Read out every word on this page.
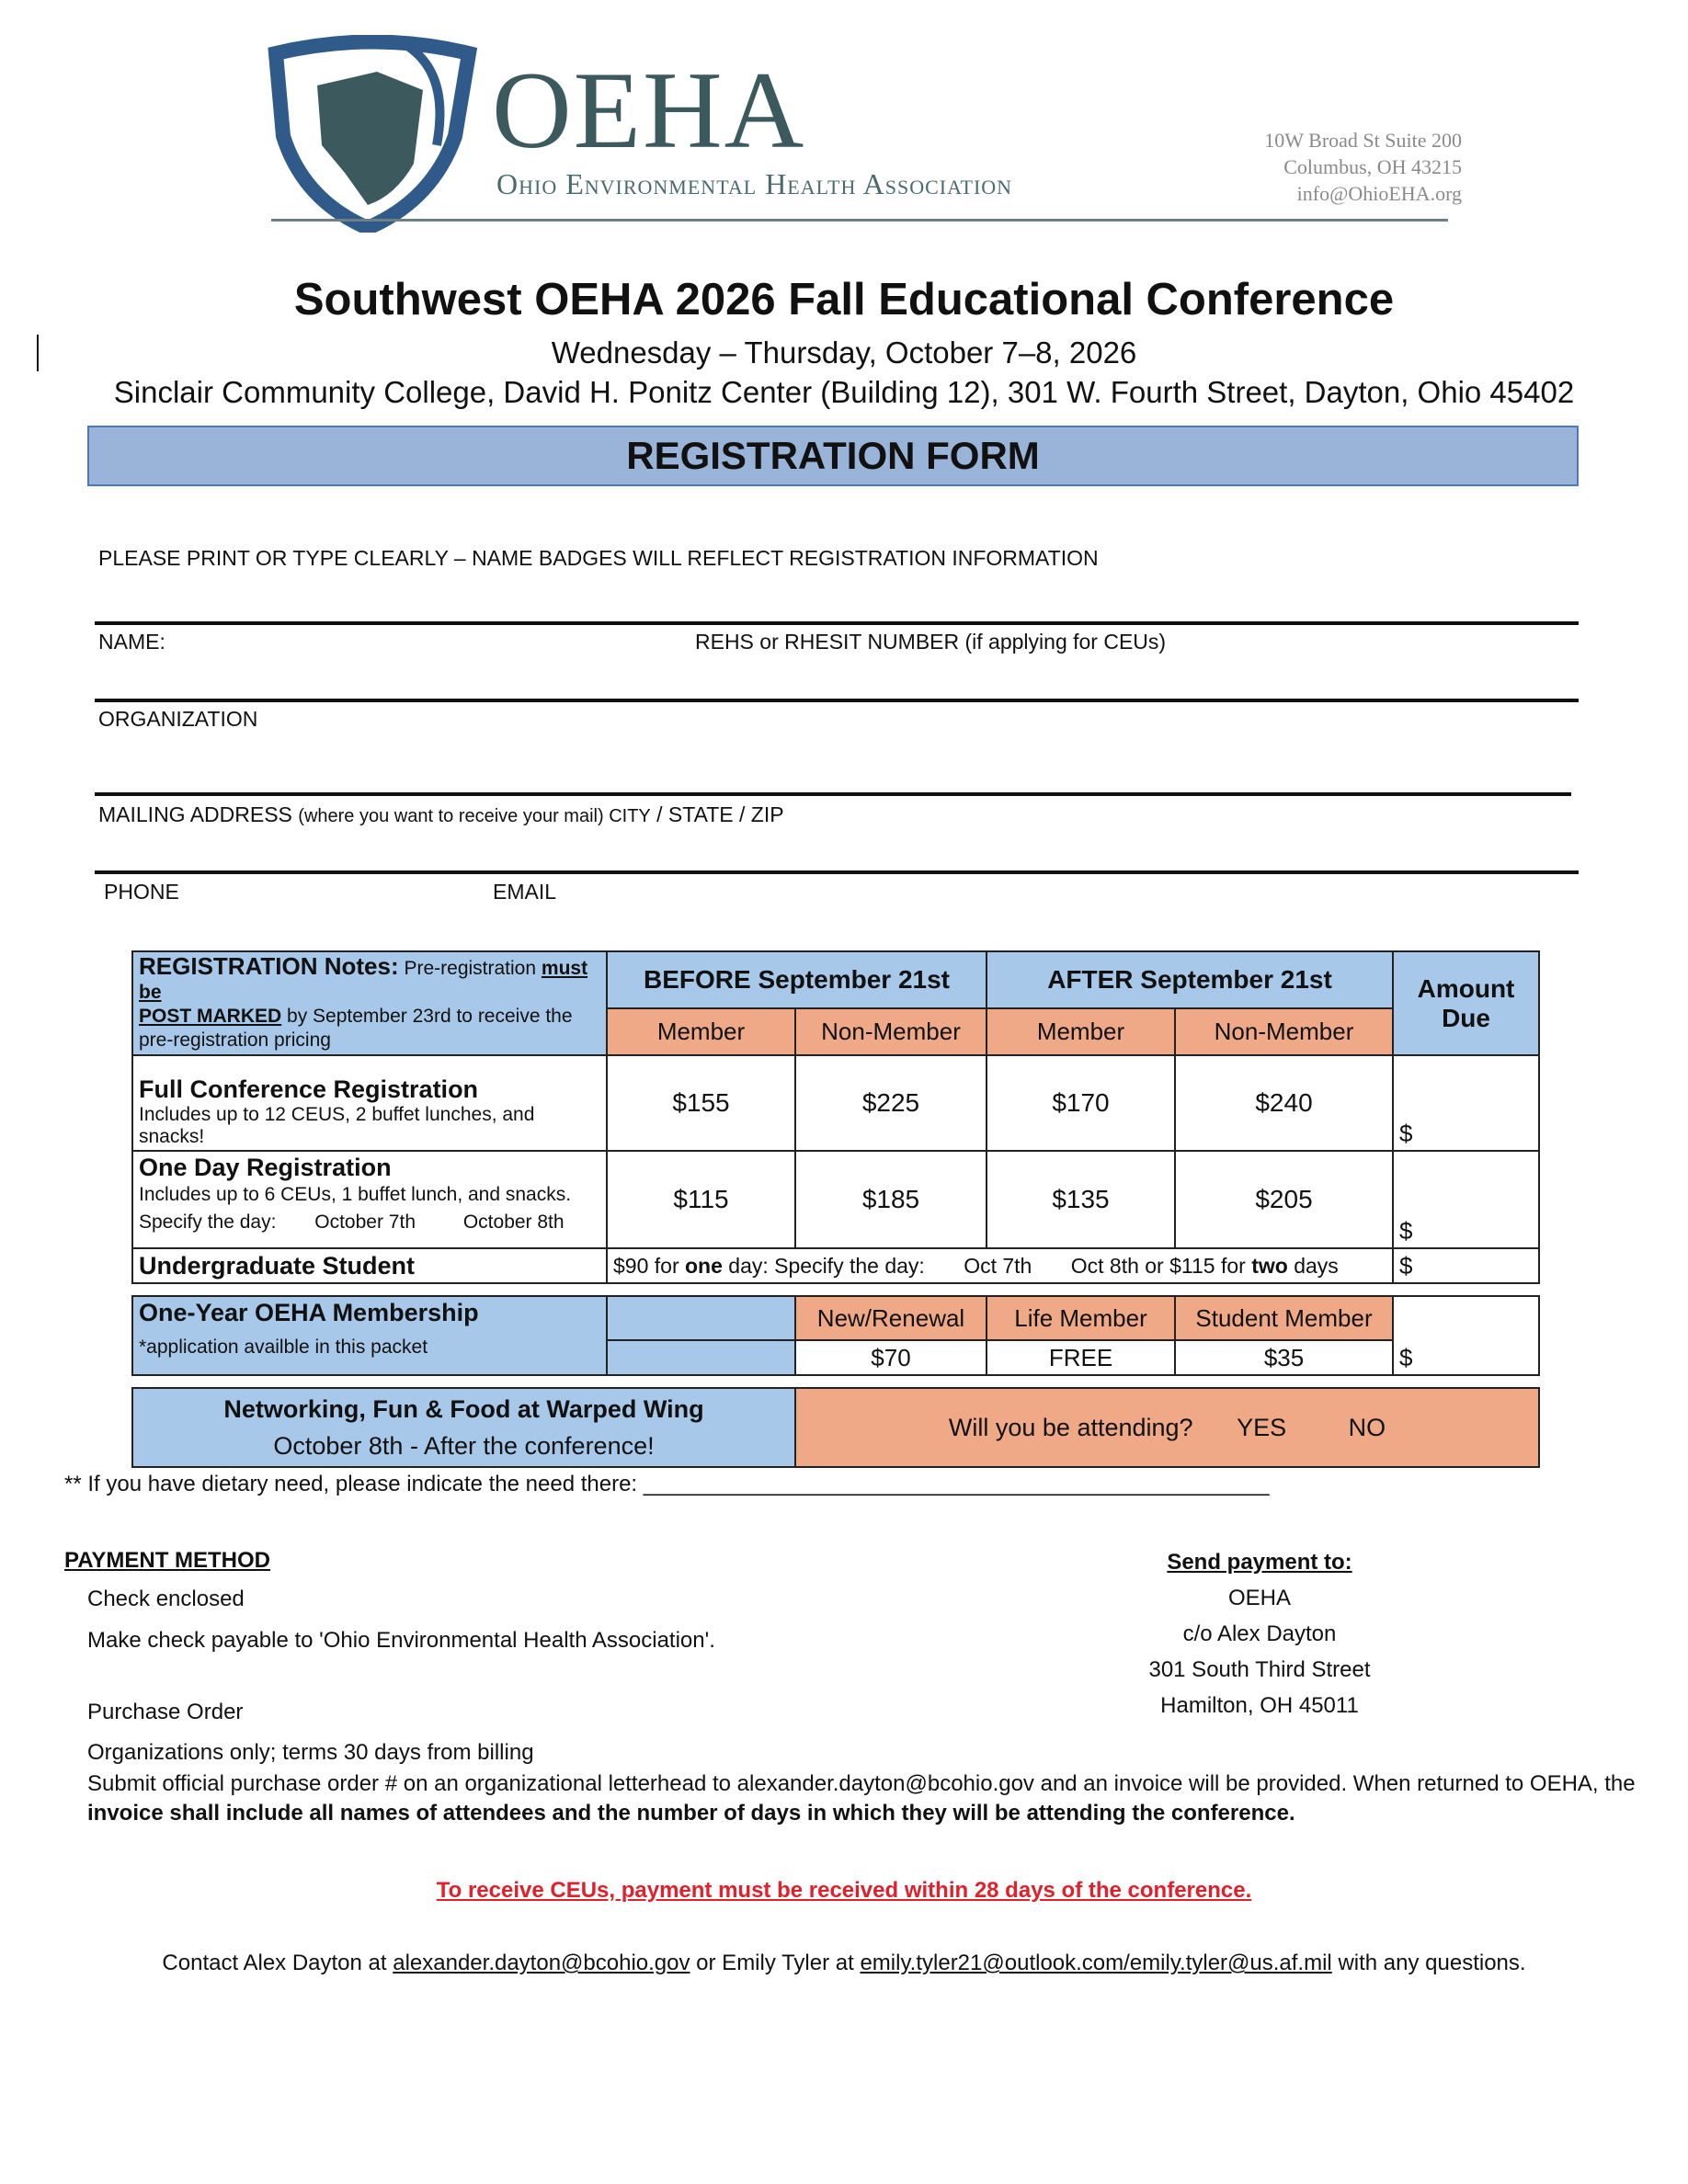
OEHA
Ohio Environmental Health Association
10W Broad St Suite 200
Columbus, OH 43215
info@OhioEHA.org
Southwest OEHA 2026 Fall Educational Conference
Wednesday – Thursday, October 7–8, 2026
Sinclair Community College, David H. Ponitz Center (Building 12), 301 W. Fourth Street, Dayton, Ohio 45402
REGISTRATION FORM
PLEASE PRINT OR TYPE CLEARLY – NAME BADGES WILL REFLECT REGISTRATION INFORMATION
NAME:	REHS or RHESIT NUMBER (if applying for CEUs)
ORGANIZATION
MAILING ADDRESS (where you want to receive your mail) CITY / STATE / ZIP
PHONE	EMAIL
REGISTRATION Notes: Pre-registration must be
POST MARKED by September 23rd to receive the pre-registration pricing	BEFORE September 21st		AFTER September 21st		Amount Due
	Member	Non-Member	Member	Non-Member	

Full Conference Registration
Includes up to 12 CEUS, 2 buffet lunches, and snacks!	$155	$225	$170	$240	$

One Day Registration
Includes up to 6 CEUs, 1 buffet lunch, and snacks.
Specify the day: October 7th October 8th	$115	$185	$135	$205	$
Undergraduate Student	$90 for one day: Specify the day: Oct 7th Oct 8th or $115 for two days				$

One-Year OEHA Membership
*application availble in this packet		New/Renewal	Life Member	Student Member	$
		$70	FREE	$35	

Networking, Fun & Food at Warped Wing
October 8th - After the conference!		Will you be attending? YES NO			
** If you have dietary need, please indicate the need there: ___________________________________________________
PAYMENT METHOD
Check enclosed
Make check payable to 'Ohio Environmental Health Association'.
Purchase Order
Organizations only; terms 30 days from billing
Submit official purchase order # on an organizational letterhead to alexander.dayton@bcohio.gov and an invoice will be provided. When returned to OEHA, the
invoice shall include all names of attendees and the number of days in which they will be attending the conference.
Send payment to:
OEHA
c/o Alex Dayton
301 South Third Street
Hamilton, OH 45011
To receive CEUs, payment must be received within 28 days of the conference.
Contact Alex Dayton at alexander.dayton@bcohio.gov or Emily Tyler at emily.tyler21@outlook.com/emily.tyler@us.af.mil with any questions.
